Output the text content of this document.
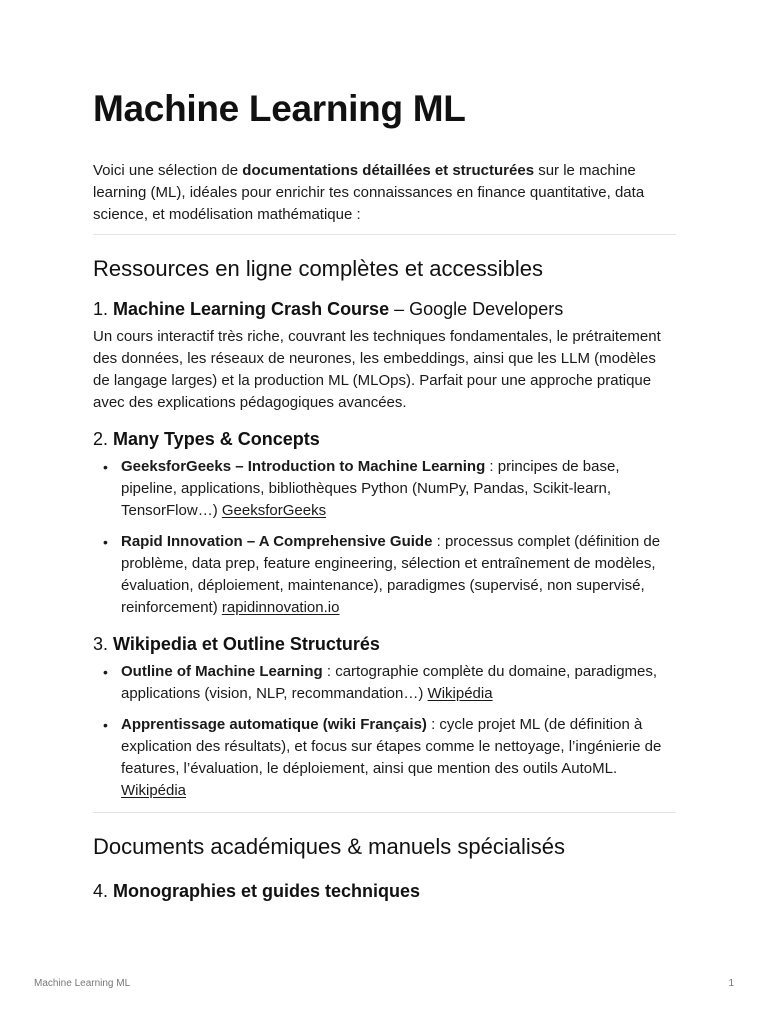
Machine Learning ML

Voici une sélection de documentations détaillées et structurées sur le machine learning (ML), idéales pour enrichir tes connaissances en finance quantitative, data science, et modélisation mathématique :

Ressources en ligne complètes et accessibles
1. Machine Learning Crash Course – Google Developers

Un cours interactif très riche, couvrant les techniques fondamentales, le prétraitement des données, les réseaux de neurones, les embeddings, ainsi que les LLM (modèles de langage larges) et la production ML (MLOps). Parfait pour une approche pratique avec des explications pédagogiques avancées.

2. Many Types & Concepts
• GeeksforGeeks – Introduction to Machine Learning : principes de base, pipeline, applications, bibliothèques Python (NumPy, Pandas, Scikit-learn, TensorFlow…) GeeksforGeeks
• Rapid Innovation – A Comprehensive Guide : processus complet (définition de problème, data prep, feature engineering, sélection et entraînement de modèles, évaluation, déploiement, maintenance), paradigmes (supervisé, non supervisé, reinforcement) rapidinnovation.io
3. Wikipedia et Outline Structurés
• Outline of Machine Learning : cartographie complète du domaine, paradigmes, applications (vision, NLP, recommandation…) Wikipédia
• Apprentissage automatique (wiki Français) : cycle projet ML (de définition à explication des résultats), et focus sur étapes comme le nettoyage, l’ingénierie de features, l’évaluation, le déploiement, ainsi que mention des outils AutoML. Wikipédia
Documents académiques & manuels spécialisés
4. Monographies et guides techniques
Machine Learning ML	1
